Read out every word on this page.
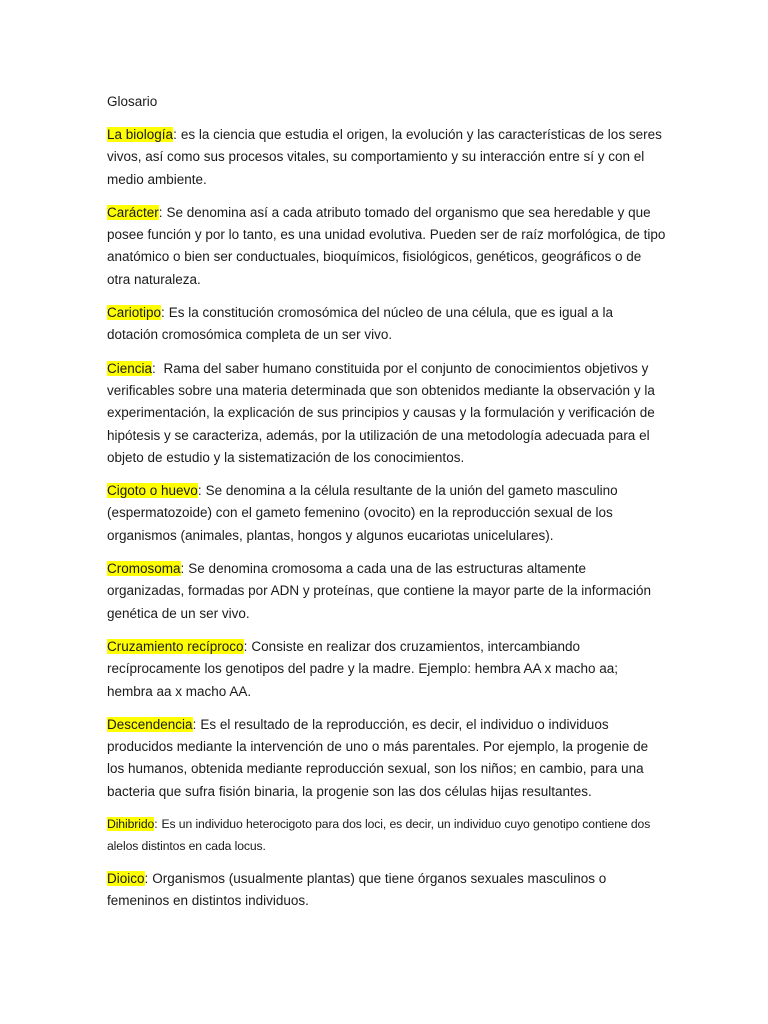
Glosario

La biología: es la ciencia que estudia el origen, la evolución y las características de los seres vivos, así como sus procesos vitales, su comportamiento y su interacción entre sí y con el medio ambiente.

Carácter: Se denomina así a cada atributo tomado del organismo que sea heredable y que posee función y por lo tanto, es una unidad evolutiva. Pueden ser de raíz morfológica, de tipo anatómico o bien ser conductuales, bioquímicos, fisiológicos, genéticos, geográficos o de otra naturaleza.

Cariotipo: Es la constitución cromosómica del núcleo de una célula, que es igual a la dotación cromosómica completa de un ser vivo.

Ciencia: Rama del saber humano constituida por el conjunto de conocimientos objetivos y verificables sobre una materia determinada que son obtenidos mediante la observación y la experimentación, la explicación de sus principios y causas y la formulación y verificación de hipótesis y se caracteriza, además, por la utilización de una metodología adecuada para el objeto de estudio y la sistematización de los conocimientos.

Cigoto o huevo: Se denomina a la célula resultante de la unión del gameto masculino (espermatozoide) con el gameto femenino (ovocito) en la reproducción sexual de los organismos (animales, plantas, hongos y algunos eucariotas unicelulares).

Cromosoma: Se denomina cromosoma a cada una de las estructuras altamente organizadas, formadas por ADN y proteínas, que contiene la mayor parte de la información genética de un ser vivo.

Cruzamiento recíproco: Consiste en realizar dos cruzamientos, intercambiando recíprocamente los genotipos del padre y la madre. Ejemplo: hembra AA x macho aa; hembra aa x macho AA.

Descendencia: Es el resultado de la reproducción, es decir, el individuo o individuos producidos mediante la intervención de uno o más parentales. Por ejemplo, la progenie de los humanos, obtenida mediante reproducción sexual, son los niños; en cambio, para una bacteria que sufra fisión binaria, la progenie son las dos células hijas resultantes.

Dihibrido: Es un individuo heterocigoto para dos loci, es decir, un individuo cuyo genotipo contiene dos alelos distintos en cada locus.

Dioico: Organismos (usualmente plantas) que tiene órganos sexuales masculinos o femeninos en distintos individuos.
